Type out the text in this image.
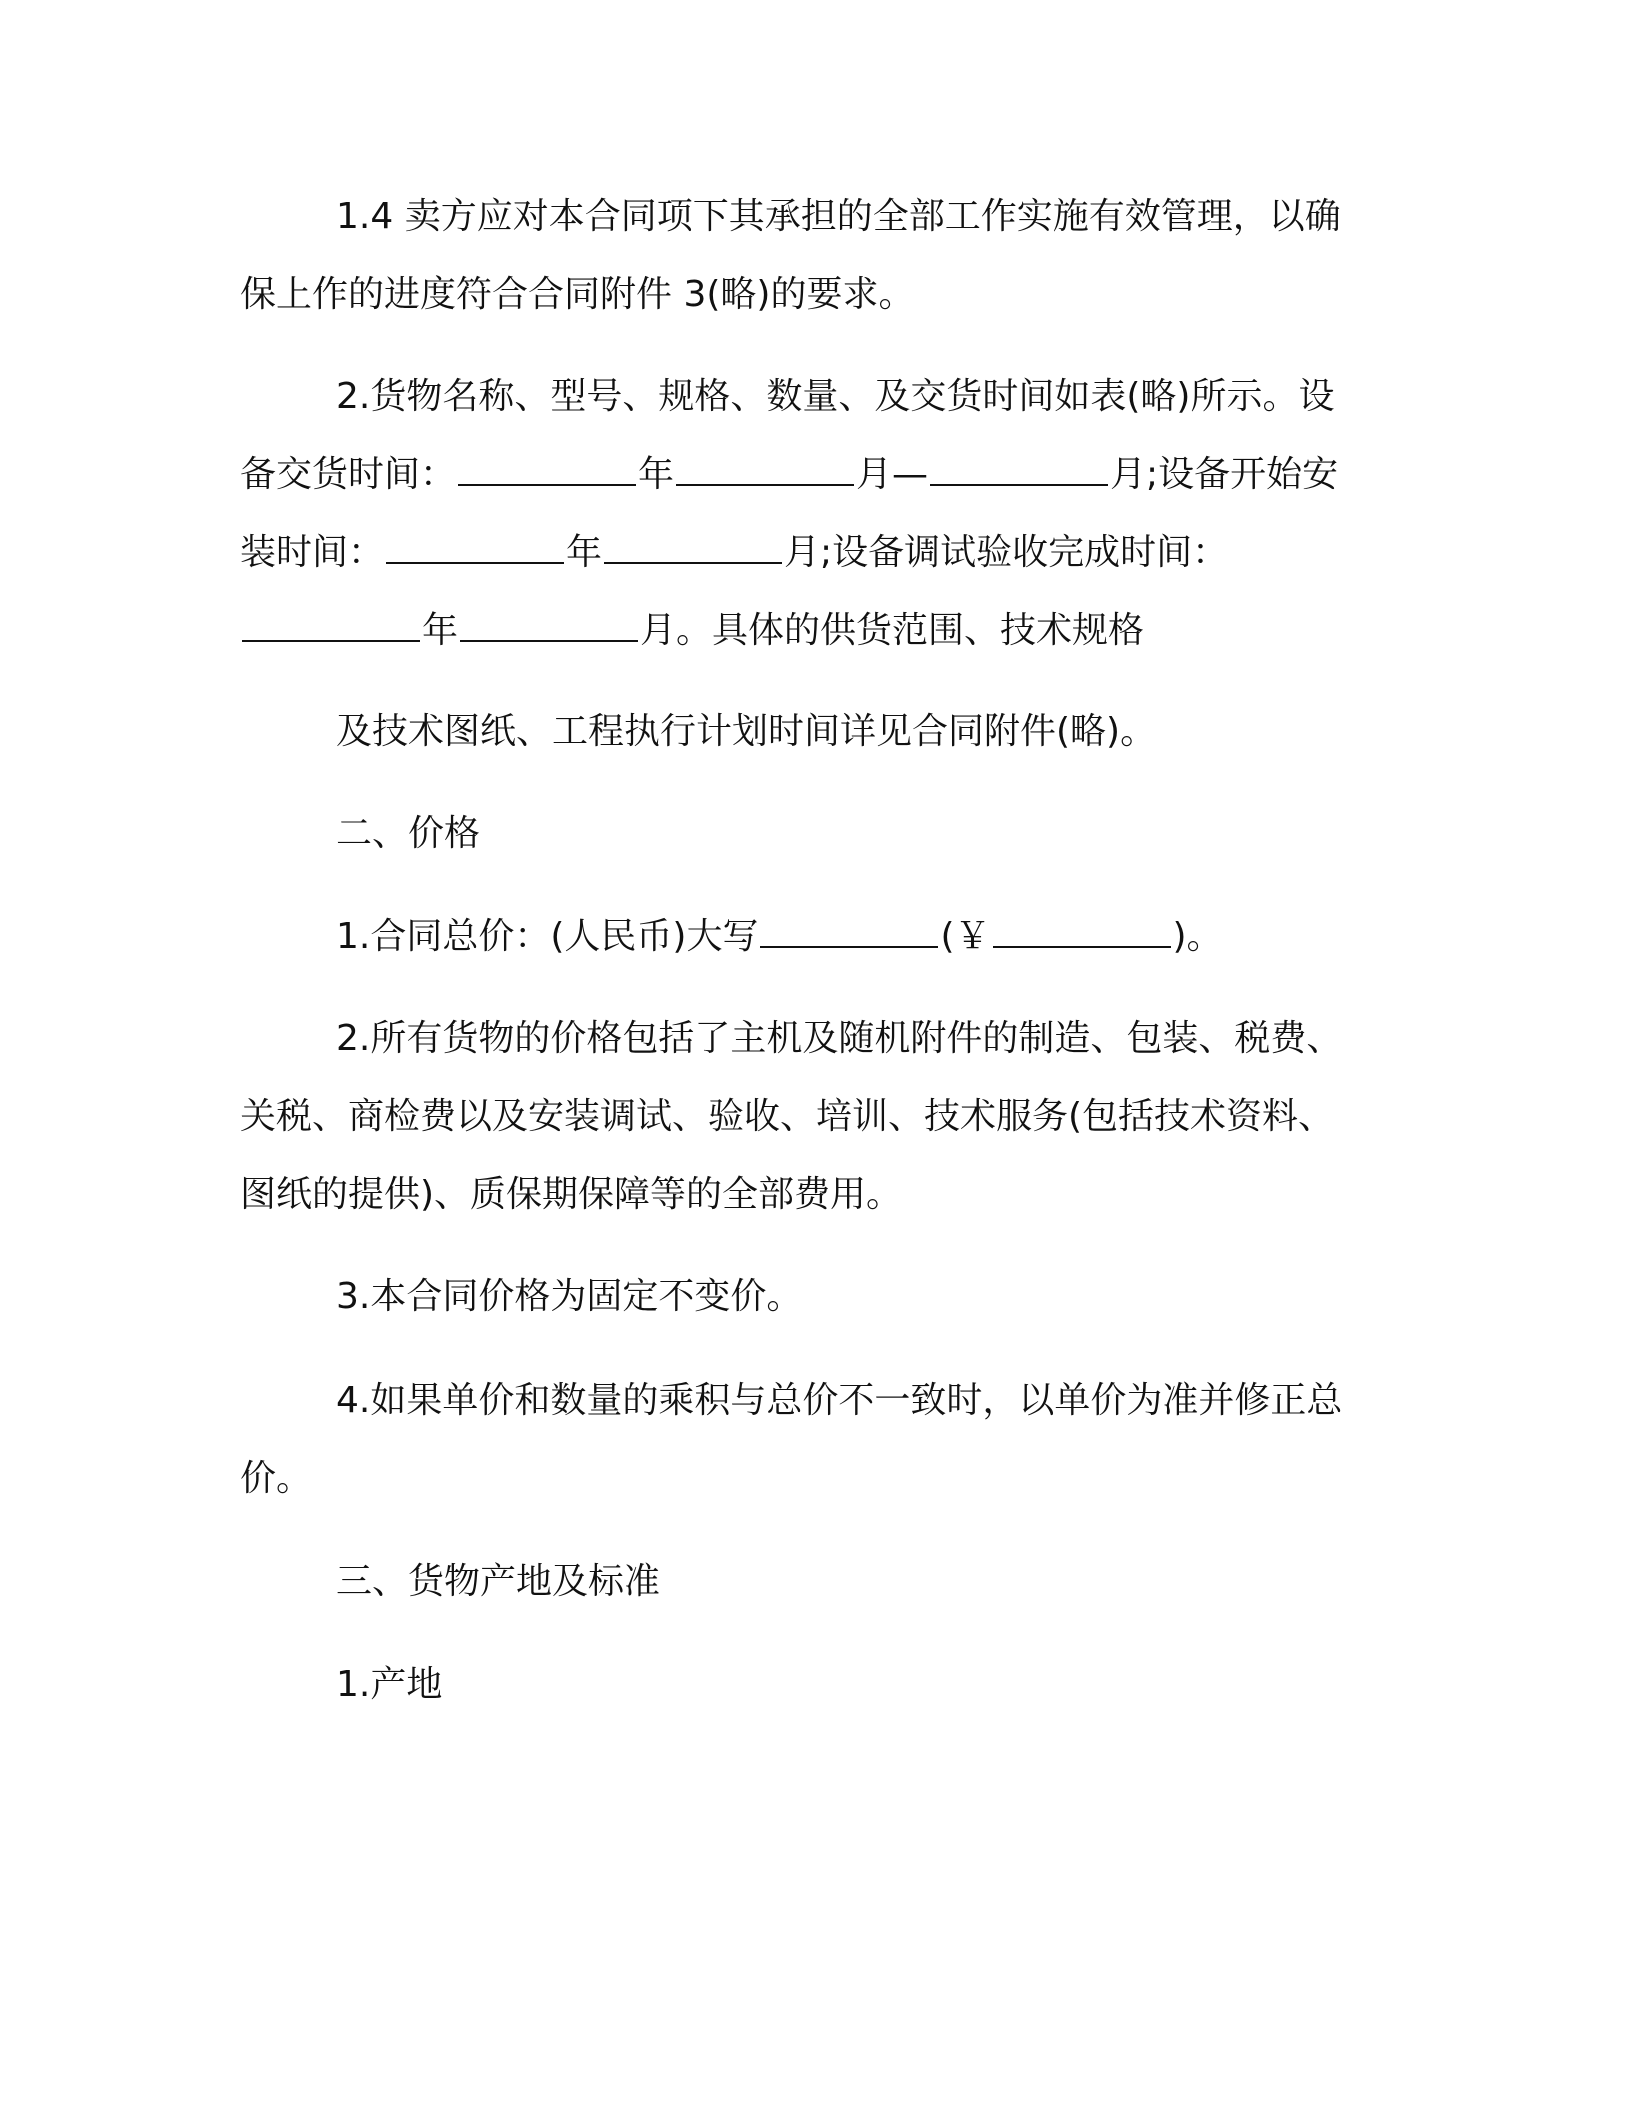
1.4 卖方应对本合同项下其承担的全部工作实施有效管理，以确
保上作的进度符合合同附件 3(略)的要求。
2.货物名称、型号、规格、数量、及交货时间如表(略)所示。设
备交货时间：	年	月—	月;设备开始安
装时间：	年	月;设备调试验收完成时间：
年	月。具体的供货范围、技术规格
及技术图纸、工程执行计划时间详见合同附件(略)。
二、价格
1.合同总价：(人民币)大写	(￥	)。
2.所有货物的价格包括了主机及随机附件的制造、包装、税费、
关税、商检费以及安装调试、验收、培训、技术服务(包括技术资料、
图纸的提供)、质保期保障等的全部费用。
3.本合同价格为固定不变价。
4.如果单价和数量的乘积与总价不一致时，以单价为准并修正总
价。
三、货物产地及标准
1.产地
